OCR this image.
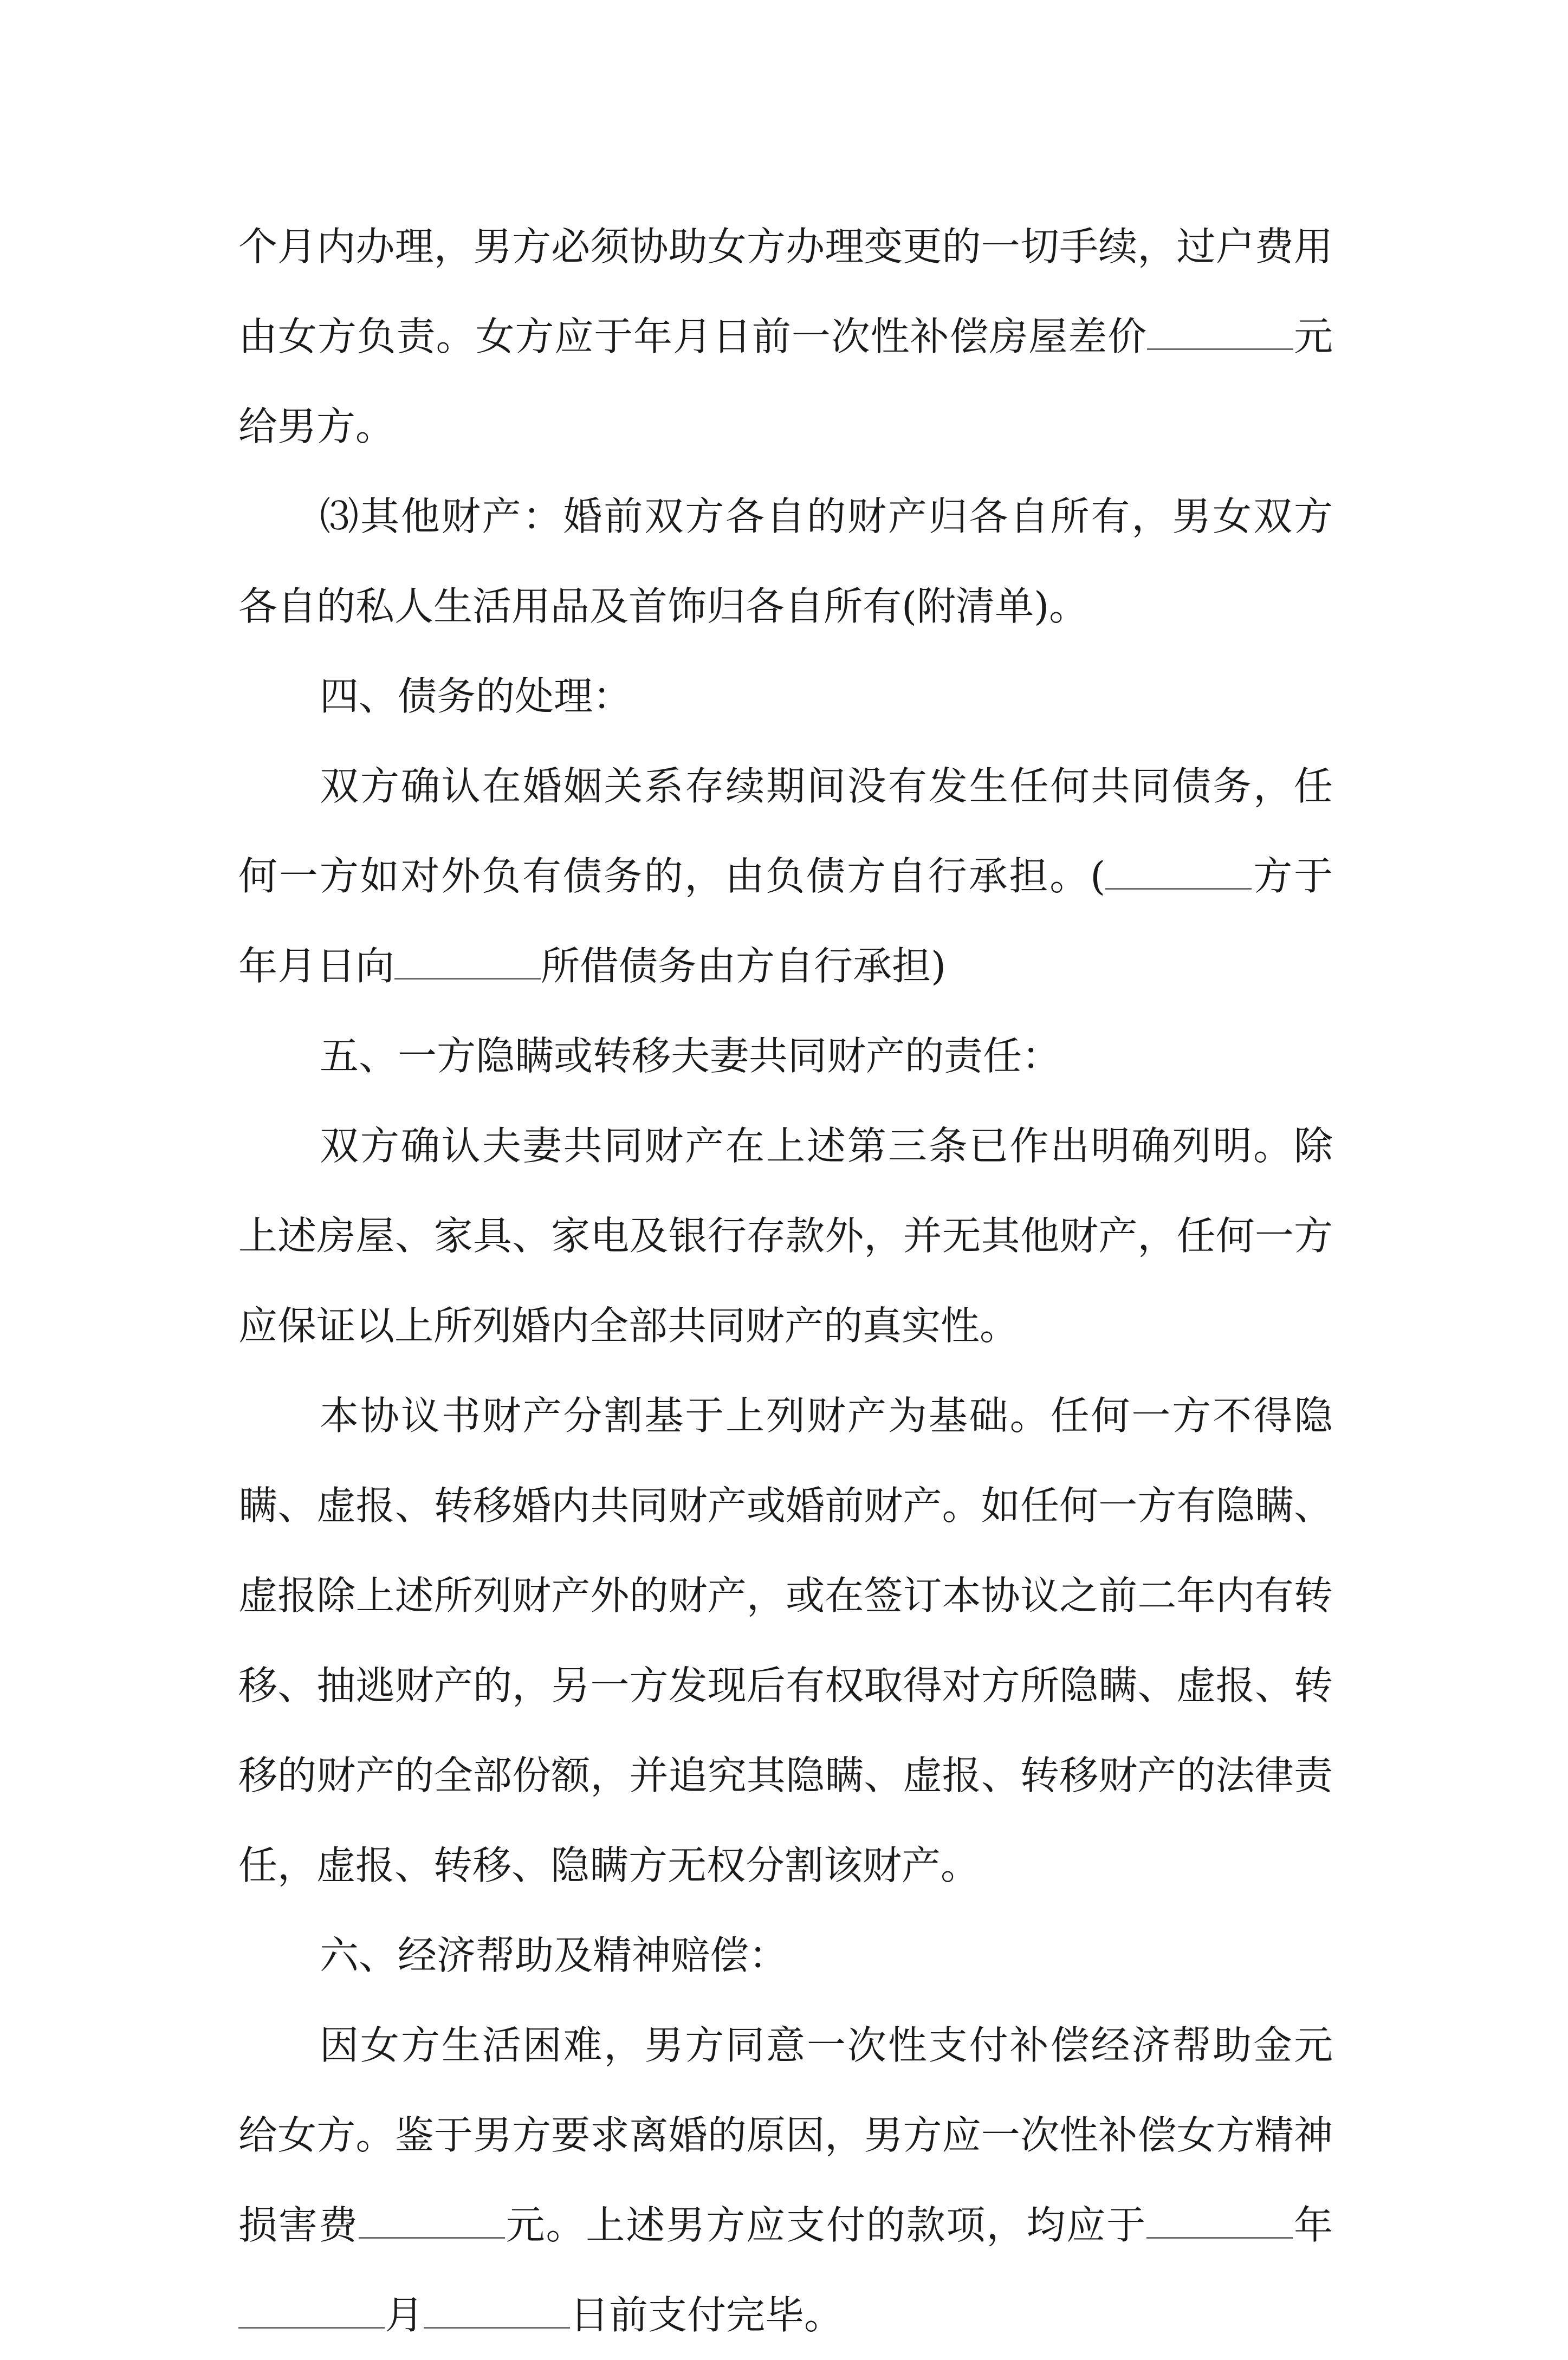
个月内办理，男方必须协助女方办理变更的一切手续，过户费用由女方负责。女方应于年月日前一次性补偿房屋差价	元给男方。

⑶其他财产：婚前双方各自的财产归各自所有，男女双方各自的私人生活用品及首饰归各自所有(附清单)。

四、债务的处理：

双方确认在婚姻关系存续期间没有发生任何共同债务，任何一方如对外负有债务的，由负债方自行承担。(	方于年月日向	所借债务由方自行承担)

五、一方隐瞒或转移夫妻共同财产的责任：

双方确认夫妻共同财产在上述第三条已作出明确列明。除上述房屋、家具、家电及银行存款外，并无其他财产，任何一方应保证以上所列婚内全部共同财产的真实性。

本协议书财产分割基于上列财产为基础。任何一方不得隐瞒、虚报、转移婚内共同财产或婚前财产。如任何一方有隐瞒、虚报除上述所列财产外的财产，或在签订本协议之前二年内有转移、抽逃财产的，另一方发现后有权取得对方所隐瞒、虚报、转移的财产的全部份额，并追究其隐瞒、虚报、转移财产的法律责任，虚报、转移、隐瞒方无权分割该财产。

六、经济帮助及精神赔偿：

因女方生活困难，男方同意一次性支付补偿经济帮助金元给女方。鉴于男方要求离婚的原因，男方应一次性补偿女方精神损害费	元。上述男方应支付的款项，均应于	年月	日前支付完毕。
